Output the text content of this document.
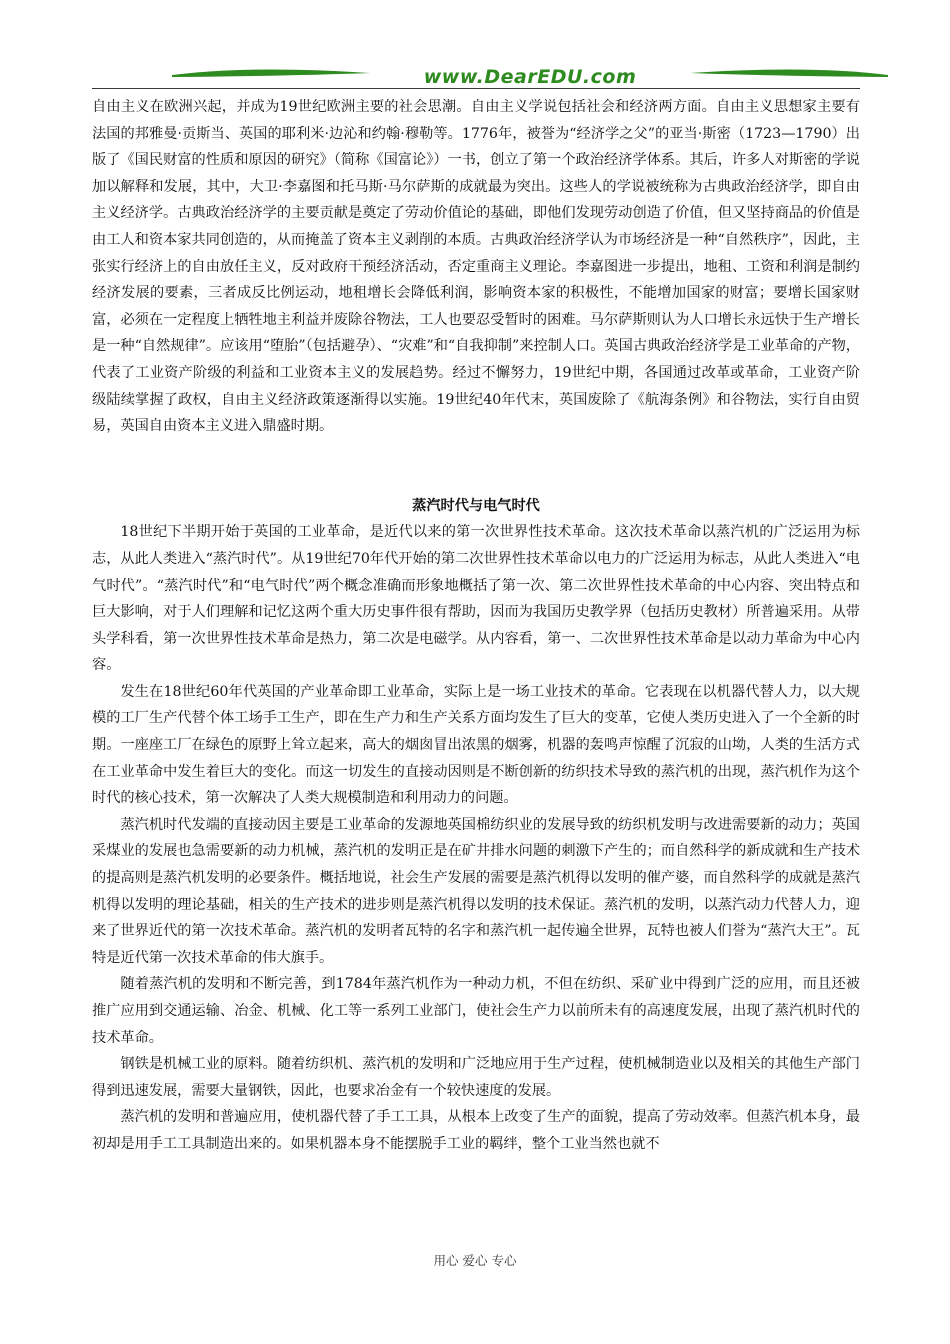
www.DearEDU.com

自由主义在欧洲兴起，并成为19世纪欧洲主要的社会思潮。自由主义学说包括社会和经济两方面。自由主义思想家主要有法国的邦雅曼·贡斯当、英国的耶利米·边沁和约翰·穆勒等。1776年，被誉为“经济学之父”的亚当·斯密（1723—1790）出版了《国民财富的性质和原因的研究》（简称《国富论》）一书，创立了第一个政治经济学体系。其后，许多人对斯密的学说加以解释和发展，其中，大卫·李嘉图和托马斯·马尔萨斯的成就最为突出。这些人的学说被统称为古典政治经济学，即自由主义经济学。古典政治经济学的主要贡献是奠定了劳动价值论的基础，即他们发现劳动创造了价值，但又坚持商品的价值是由工人和资本家共同创造的，从而掩盖了资本主义剥削的本质。古典政治经济学认为市场经济是一种“自然秩序”，因此，主张实行经济上的自由放任主义，反对政府干预经济活动，否定重商主义理论。李嘉图进一步提出，地租、工资和利润是制约经济发展的要素，三者成反比例运动，地租增长会降低利润，影响资本家的积极性，不能增加国家的财富；要增长国家财富，必须在一定程度上牺牲地主利益并废除谷物法，工人也要忍受暂时的困难。马尔萨斯则认为人口增长永远快于生产增长是一种“自然规律”。应该用“堕胎”（包括避孕）、“灾难”和“自我抑制”来控制人口。英国古典政治经济学是工业革命的产物，代表了工业资产阶级的利益和工业资本主义的发展趋势。经过不懈努力，19世纪中期，各国通过改革或革命，工业资产阶级陆续掌握了政权，自由主义经济政策逐渐得以实施。19世纪40年代末，英国废除了《航海条例》和谷物法，实行自由贸易，英国自由资本主义进入鼎盛时期。

蒸汽时代与电气时代

18世纪下半期开始于英国的工业革命，是近代以来的第一次世界性技术革命。这次技术革命以蒸汽机的广泛运用为标志，从此人类进入“蒸汽时代”。从19世纪70年代开始的第二次世界性技术革命以电力的广泛运用为标志，从此人类进入“电气时代”。“蒸汽时代”和“电气时代”两个概念准确而形象地概括了第一次、第二次世界性技术革命的中心内容、突出特点和巨大影响，对于人们理解和记忆这两个重大历史事件很有帮助，因而为我国历史教学界（包括历史教材）所普遍采用。从带头学科看，第一次世界性技术革命是热力，第二次是电磁学。从内容看，第一、二次世界性技术革命是以动力革命为中心内容。

发生在18世纪60年代英国的产业革命即工业革命，实际上是一场工业技术的革命。它表现在以机器代替人力，以大规模的工厂生产代替个体工场手工生产，即在生产力和生产关系方面均发生了巨大的变革，它使人类历史进入了一个全新的时期。一座座工厂在绿色的原野上耸立起来，高大的烟囱冒出浓黑的烟雾，机器的轰鸣声惊醒了沉寂的山坳，人类的生活方式在工业革命中发生着巨大的变化。而这一切发生的直接动因则是不断创新的纺织技术导致的蒸汽机的出现，蒸汽机作为这个时代的核心技术，第一次解决了人类大规模制造和利用动力的问题。

蒸汽机时代发端的直接动因主要是工业革命的发源地英国棉纺织业的发展导致的纺织机发明与改进需要新的动力；英国采煤业的发展也急需要新的动力机械，蒸汽机的发明正是在矿井排水问题的刺激下产生的；而自然科学的新成就和生产技术的提高则是蒸汽机发明的必要条件。概括地说，社会生产发展的需要是蒸汽机得以发明的催产婆，而自然科学的成就是蒸汽机得以发明的理论基础，相关的生产技术的进步则是蒸汽机得以发明的技术保证。蒸汽机的发明，以蒸汽动力代替人力，迎来了世界近代的第一次技术革命。蒸汽机的发明者瓦特的名字和蒸汽机一起传遍全世界，瓦特也被人们誉为“蒸汽大王”。瓦特是近代第一次技术革命的伟大旗手。

随着蒸汽机的发明和不断完善，到1784年蒸汽机作为一种动力机，不但在纺织、采矿业中得到广泛的应用，而且还被推广应用到交通运输、冶金、机械、化工等一系列工业部门，使社会生产力以前所未有的高速度发展，出现了蒸汽机时代的技术革命。

钢铁是机械工业的原料。随着纺织机、蒸汽机的发明和广泛地应用于生产过程，使机械制造业以及相关的其他生产部门得到迅速发展，需要大量钢铁，因此，也要求冶金有一个较快速度的发展。

蒸汽机的发明和普遍应用，使机器代替了手工工具，从根本上改变了生产的面貌，提高了劳动效率。但蒸汽机本身，最初却是用手工工具制造出来的。如果机器本身不能摆脱手工业的羁绊，整个工业当然也就不

用心 爱心 专心
